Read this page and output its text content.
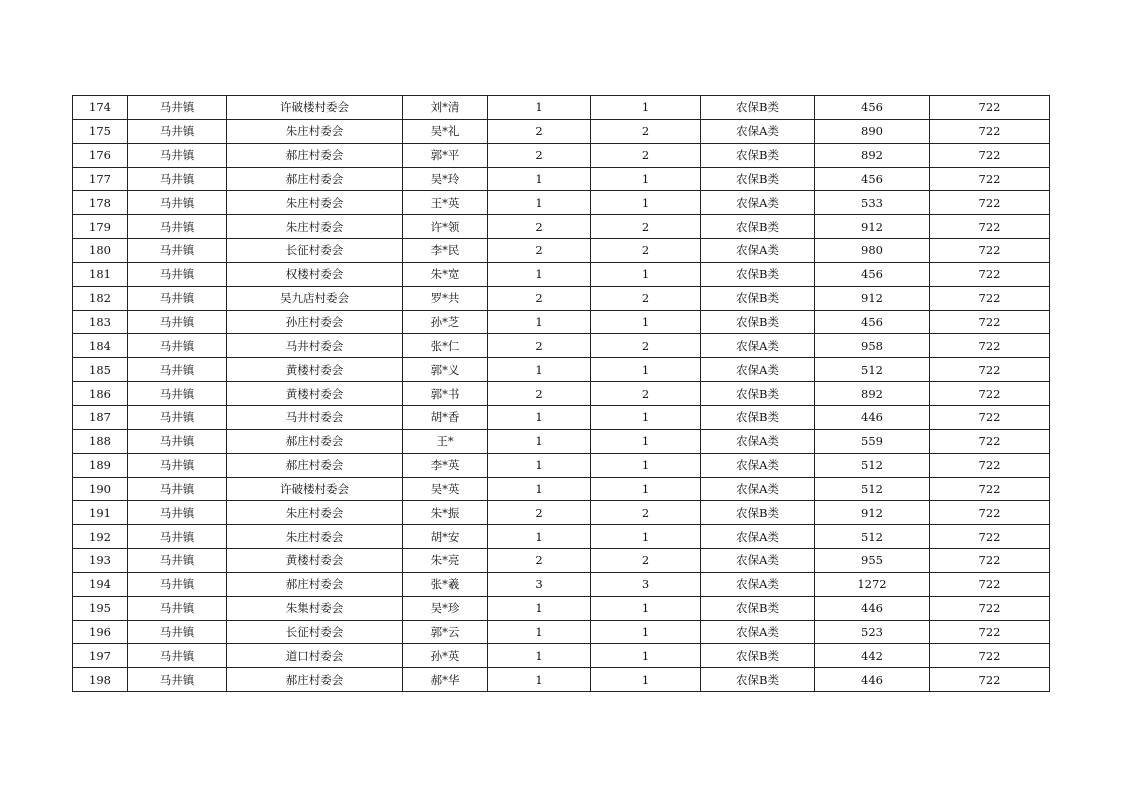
174	马井镇	许破楼村委会	刘*清	1	1	农保B类	456	722
175	马井镇	朱庄村委会	吴*礼	2	2	农保A类	890	722
176	马井镇	郝庄村委会	郭*平	2	2	农保B类	892	722
177	马井镇	郝庄村委会	吴*玲	1	1	农保B类	456	722
178	马井镇	朱庄村委会	王*英	1	1	农保A类	533	722
179	马井镇	朱庄村委会	许*领	2	2	农保B类	912	722
180	马井镇	长征村委会	李*民	2	2	农保A类	980	722
181	马井镇	权楼村委会	朱*宽	1	1	农保B类	456	722
182	马井镇	吴九店村委会	罗*共	2	2	农保B类	912	722
183	马井镇	孙庄村委会	孙*芝	1	1	农保B类	456	722
184	马井镇	马井村委会	张*仁	2	2	农保A类	958	722
185	马井镇	黄楼村委会	郭*义	1	1	农保A类	512	722
186	马井镇	黄楼村委会	郭*书	2	2	农保B类	892	722
187	马井镇	马井村委会	胡*香	1	1	农保B类	446	722
188	马井镇	郝庄村委会	王*	1	1	农保A类	559	722
189	马井镇	郝庄村委会	李*英	1	1	农保A类	512	722
190	马井镇	许破楼村委会	吴*英	1	1	农保A类	512	722
191	马井镇	朱庄村委会	朱*振	2	2	农保B类	912	722
192	马井镇	朱庄村委会	胡*安	1	1	农保A类	512	722
193	马井镇	黄楼村委会	朱*亮	2	2	农保A类	955	722
194	马井镇	郝庄村委会	张*羲	3	3	农保A类	1272	722
195	马井镇	朱集村委会	吴*珍	1	1	农保B类	446	722
196	马井镇	长征村委会	郭*云	1	1	农保A类	523	722
197	马井镇	道口村委会	孙*英	1	1	农保B类	442	722
198	马井镇	郝庄村委会	郝*华	1	1	农保B类	446	722
